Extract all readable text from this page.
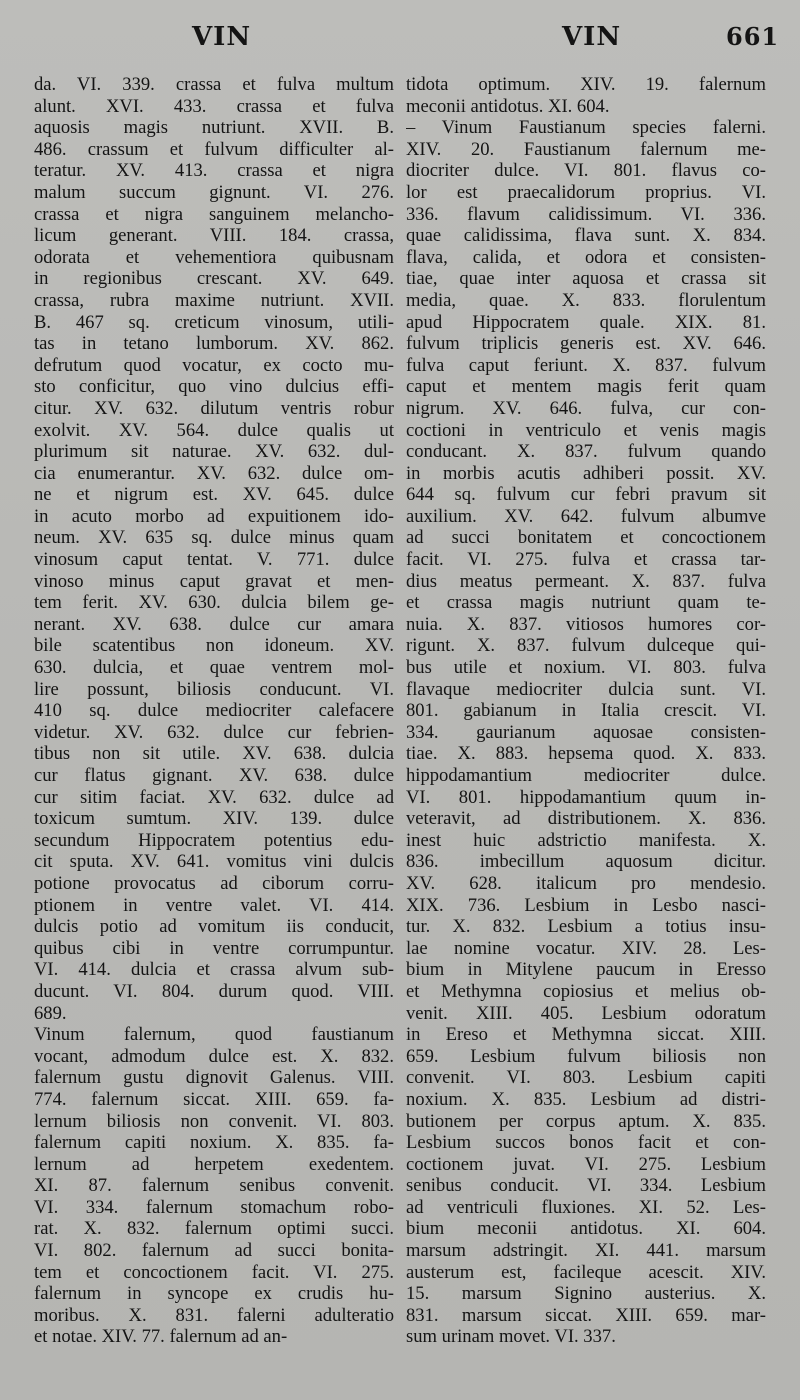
VIN	VIN	661
da. VI. 339. crassa et fulva multum
alunt. XVI. 433. crassa et fulva
aquosis magis nutriunt. XVII. B.
486. crassum et fulvum difficulter al-
teratur. XV. 413. crassa et nigra
malum succum gignunt. VI. 276.
crassa et nigra sanguinem melancho-
licum generant. VIII. 184. crassa,
odorata et vehementiora quibusnam
in regionibus crescant. XV. 649.
crassa, rubra maxime nutriunt. XVII.
B. 467 sq. creticum vinosum, utili-
tas in tetano lumborum. XV. 862.
defrutum quod vocatur, ex cocto mu-
sto conficitur, quo vino dulcius effi-
citur. XV. 632. dilutum ventris robur
exolvit. XV. 564. dulce qualis ut
plurimum sit naturae. XV. 632. dul-
cia enumerantur. XV. 632. dulce om-
ne et nigrum est. XV. 645. dulce
in acuto morbo ad expuitionem ido-
neum. XV. 635 sq. dulce minus quam
vinosum caput tentat. V. 771. dulce
vinoso minus caput gravat et men-
tem ferit. XV. 630. dulcia bilem ge-
nerant. XV. 638. dulce cur amara
bile scatentibus non idoneum. XV.
630. dulcia, et quae ventrem mol-
lire possunt, biliosis conducunt. VI.
410 sq. dulce mediocriter calefacere
videtur. XV. 632. dulce cur febrien-
tibus non sit utile. XV. 638. dulcia
cur flatus gignant. XV. 638. dulce
cur sitim faciat. XV. 632. dulce ad
toxicum sumtum. XIV. 139. dulce
secundum Hippocratem potentius edu-
cit sputa. XV. 641. vomitus vini dulcis
potione provocatus ad ciborum corru-
ptionem in ventre valet. VI. 414.
dulcis potio ad vomitum iis conducit,
quibus cibi in ventre corrumpuntur.
VI. 414. dulcia et crassa alvum sub-
ducunt. VI. 804. durum quod. VIII.
689.
Vinum falernum, quod faustianum
vocant, admodum dulce est. X. 832.
falernum gustu dignovit Galenus. VIII.
774. falernum siccat. XIII. 659. fa-
lernum biliosis non convenit. VI. 803.
falernum capiti noxium. X. 835. fa-
lernum ad herpetem exedentem.
XI. 87. falernum senibus convenit.
VI. 334. falernum stomachum robo-
rat. X. 832. falernum optimi succi.
VI. 802. falernum ad succi bonita-
tem et concoctionem facit. VI. 275.
falernum in syncope ex crudis hu-
moribus. X. 831. falerni adulteratio
et notae. XIV. 77. falernum ad an-
tidota optimum. XIV. 19. falernum
meconii antidotus. XI. 604.
– Vinum Faustianum species falerni.
XIV. 20. Faustianum falernum me-
diocriter dulce. VI. 801. flavus co-
lor est praecalidorum proprius. VI.
336. flavum calidissimum. VI. 336.
quae calidissima, flava sunt. X. 834.
flava, calida, et odora et consisten-
tiae, quae inter aquosa et crassa sit
media, quae. X. 833. florulentum
apud Hippocratem quale. XIX. 81.
fulvum triplicis generis est. XV. 646.
fulva caput feriunt. X. 837. fulvum
caput et mentem magis ferit quam
nigrum. XV. 646. fulva, cur con-
coctioni in ventriculo et venis magis
conducant. X. 837. fulvum quando
in morbis acutis adhiberi possit. XV.
644 sq. fulvum cur febri pravum sit
auxilium. XV. 642. fulvum albumve
ad succi bonitatem et concoctionem
facit. VI. 275. fulva et crassa tar-
dius meatus permeant. X. 837. fulva
et crassa magis nutriunt quam te-
nuia. X. 837. vitiosos humores cor-
rigunt. X. 837. fulvum dulceque qui-
bus utile et noxium. VI. 803. fulva
flavaque mediocriter dulcia sunt. VI.
801. gabianum in Italia crescit. VI.
334. gaurianum aquosae consisten-
tiae. X. 883. hepsema quod. X. 833.
hippodamantium mediocriter dulce.
VI. 801. hippodamantium quum in-
veteravit, ad distributionem. X. 836.
inest huic adstrictio manifesta. X.
836. imbecillum aquosum dicitur.
XV. 628. italicum pro mendesio.
XIX. 736. Lesbium in Lesbo nasci-
tur. X. 832. Lesbium a totius insu-
lae nomine vocatur. XIV. 28. Les-
bium in Mitylene paucum in Eresso
et Methymna copiosius et melius ob-
venit. XIII. 405. Lesbium odoratum
in Ereso et Methymna siccat. XIII.
659. Lesbium fulvum biliosis non
convenit. VI. 803. Lesbium capiti
noxium. X. 835. Lesbium ad distri-
butionem per corpus aptum. X. 835.
Lesbium succos bonos facit et con-
coctionem juvat. VI. 275. Lesbium
senibus conducit. VI. 334. Lesbium
ad ventriculi fluxiones. XI. 52. Les-
bium meconii antidotus. XI. 604.
marsum adstringit. XI. 441. marsum
austerum est, facileque acescit. XIV.
15. marsum Signino austerius. X.
831. marsum siccat. XIII. 659. mar-
sum urinam movet. VI. 337.
